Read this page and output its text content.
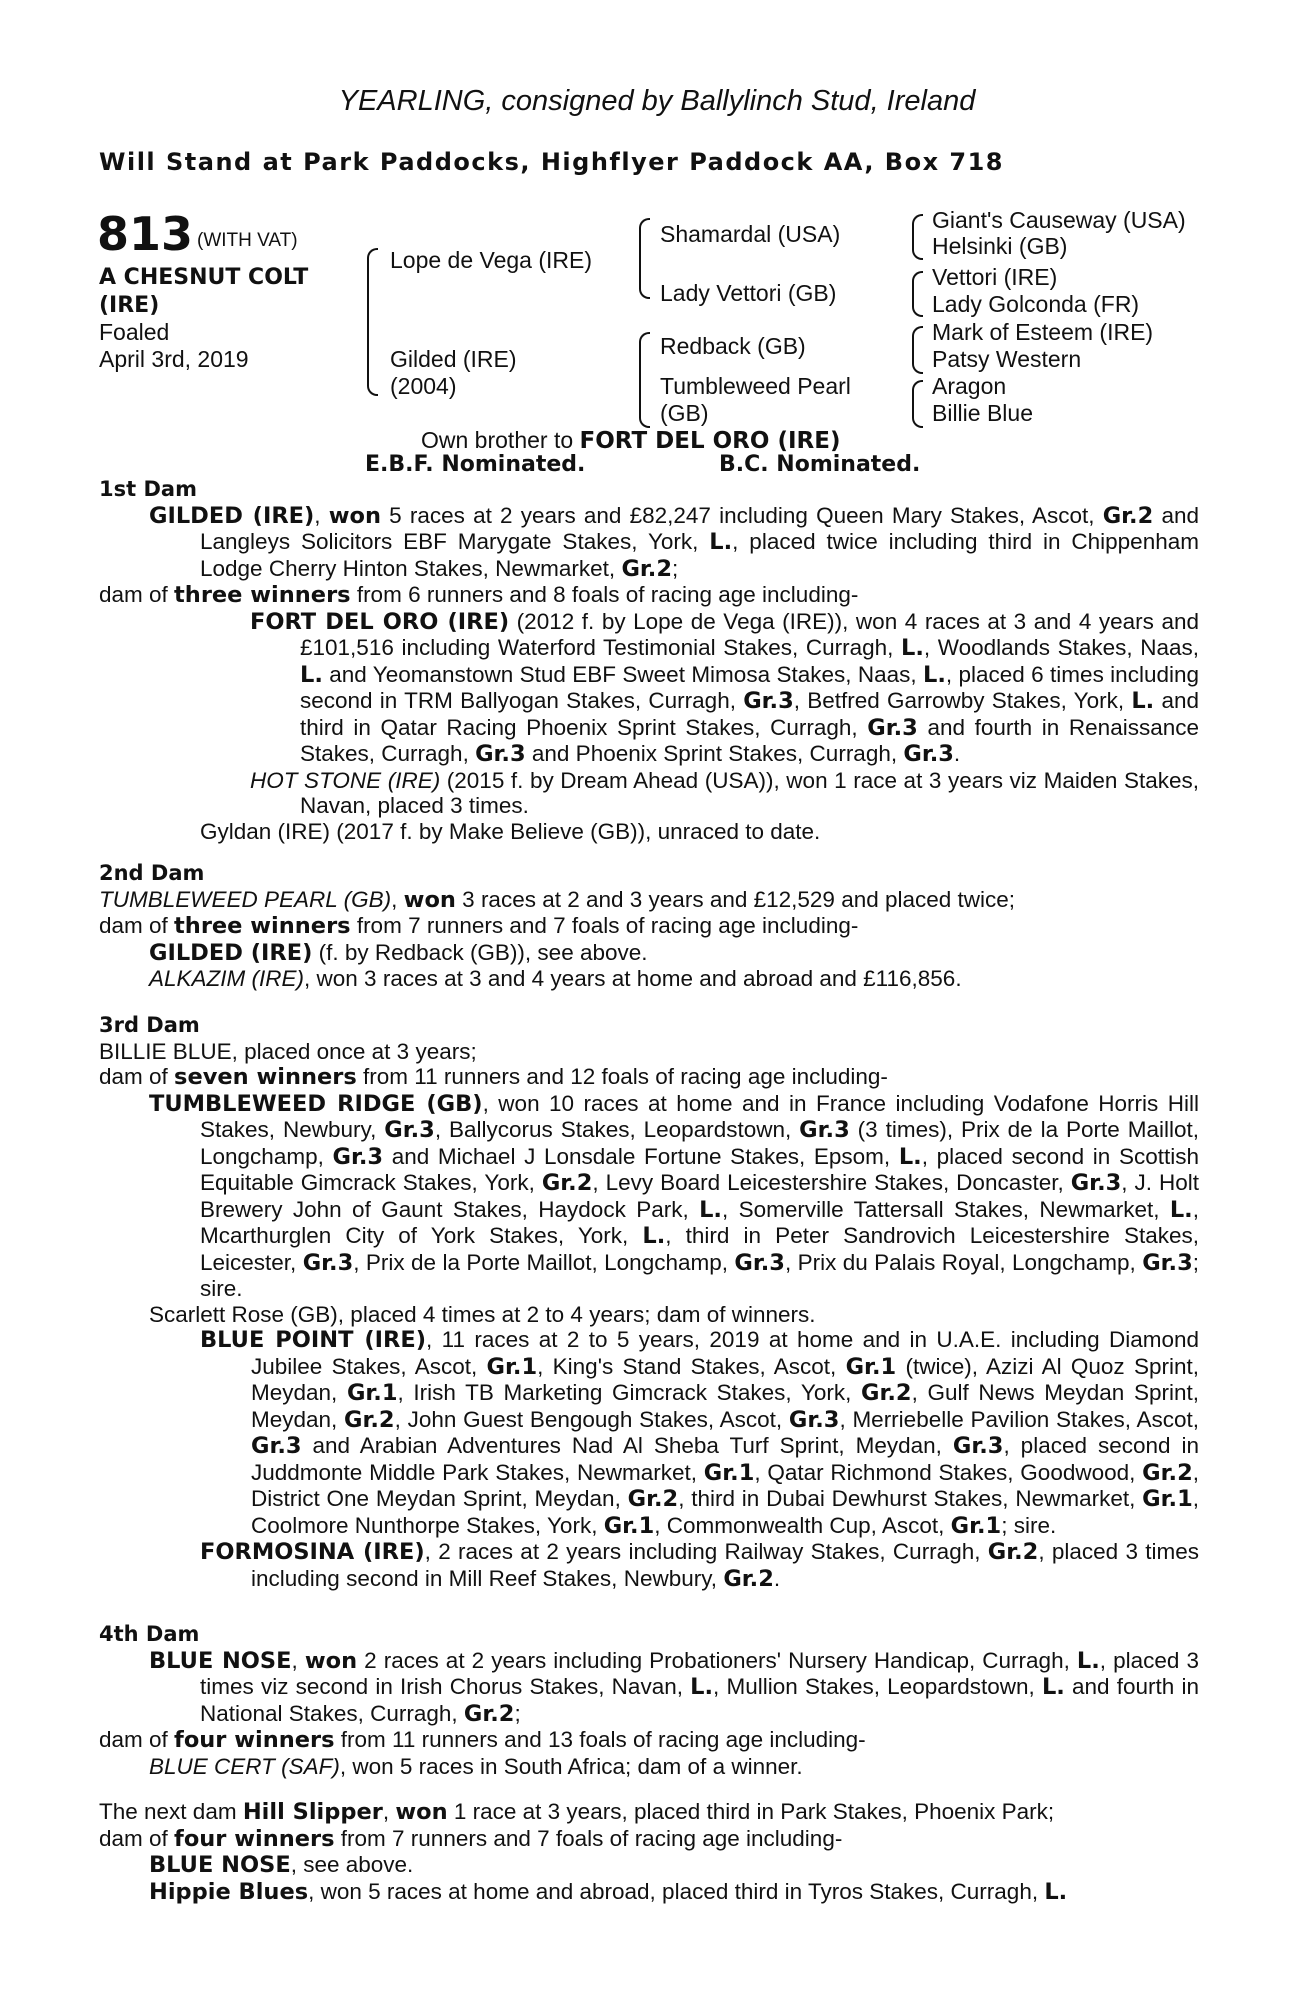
YEARLING, consigned by Ballylinch Stud, Ireland
Will Stand at Park Paddocks, Highflyer Paddock AA, Box 718
813 (WITH VAT)
A CHESNUT COLT
(IRE)
Foaled
April 3rd, 2019
Lope de Vega (IRE)
Gilded (IRE)
(2004)
Shamardal (USA)
Lady Vettori (GB)
Redback (GB)
Tumbleweed Pearl
(GB)
Giant's Causeway (USA)
Helsinki (GB)
Vettori (IRE)
Lady Golconda (FR)
Mark of Esteem (IRE)
Patsy Western
Aragon
Billie Blue
Own brother to FORT DEL ORO (IRE)
E.B.F. Nominated.	B.C. Nominated.

1st Dam

GILDED (IRE), won 5 races at 2 years and £82,247 including Queen Mary Stakes, Ascot, Gr.2 and Langleys Solicitors EBF Marygate Stakes, York, L., placed twice including third in Chippenham Lodge Cherry Hinton Stakes, Newmarket, Gr.2;

dam of three winners from 6 runners and 8 foals of racing age including-

FORT DEL ORO (IRE) (2012 f. by Lope de Vega (IRE)), won 4 races at 3 and 4 years and £101,516 including Waterford Testimonial Stakes, Curragh, L., Woodlands Stakes, Naas, L. and Yeomanstown Stud EBF Sweet Mimosa Stakes, Naas, L., placed 6 times including second in TRM Ballyogan Stakes, Curragh, Gr.3, Betfred Garrowby Stakes, York, L. and third in Qatar Racing Phoenix Sprint Stakes, Curragh, Gr.3 and fourth in Renaissance Stakes, Curragh, Gr.3 and Phoenix Sprint Stakes, Curragh, Gr.3.

HOT STONE (IRE) (2015 f. by Dream Ahead (USA)), won 1 race at 3 years viz Maiden Stakes, Navan, placed 3 times.

Gyldan (IRE) (2017 f. by Make Believe (GB)), unraced to date.

2nd Dam

TUMBLEWEED PEARL (GB), won 3 races at 2 and 3 years and £12,529 and placed twice;

dam of three winners from 7 runners and 7 foals of racing age including-

GILDED (IRE) (f. by Redback (GB)), see above.

ALKAZIM (IRE), won 3 races at 3 and 4 years at home and abroad and £116,856.

3rd Dam

BILLIE BLUE, placed once at 3 years;

dam of seven winners from 11 runners and 12 foals of racing age including-

TUMBLEWEED RIDGE (GB), won 10 races at home and in France including Vodafone Horris Hill Stakes, Newbury, Gr.3, Ballycorus Stakes, Leopardstown, Gr.3 (3 times), Prix de la Porte Maillot, Longchamp, Gr.3 and Michael J Lonsdale Fortune Stakes, Epsom, L., placed second in Scottish Equitable Gimcrack Stakes, York, Gr.2, Levy Board Leicestershire Stakes, Doncaster, Gr.3, J. Holt Brewery John of Gaunt Stakes, Haydock Park, L., Somerville Tattersall Stakes, Newmarket, L., Mcarthurglen City of York Stakes, York, L., third in Peter Sandrovich Leicestershire Stakes, Leicester, Gr.3, Prix de la Porte Maillot, Longchamp, Gr.3, Prix du Palais Royal, Longchamp, Gr.3; sire.

Scarlett Rose (GB), placed 4 times at 2 to 4 years; dam of winners.

BLUE POINT (IRE), 11 races at 2 to 5 years, 2019 at home and in U.A.E. including Diamond Jubilee Stakes, Ascot, Gr.1, King's Stand Stakes, Ascot, Gr.1 (twice), Azizi Al Quoz Sprint, Meydan, Gr.1, Irish TB Marketing Gimcrack Stakes, York, Gr.2, Gulf News Meydan Sprint, Meydan, Gr.2, John Guest Bengough Stakes, Ascot, Gr.3, Merriebelle Pavilion Stakes, Ascot, Gr.3 and Arabian Adventures Nad Al Sheba Turf Sprint, Meydan, Gr.3, placed second in Juddmonte Middle Park Stakes, Newmarket, Gr.1, Qatar Richmond Stakes, Goodwood, Gr.2, District One Meydan Sprint, Meydan, Gr.2, third in Dubai Dewhurst Stakes, Newmarket, Gr.1, Coolmore Nunthorpe Stakes, York, Gr.1, Commonwealth Cup, Ascot, Gr.1; sire.

FORMOSINA (IRE), 2 races at 2 years including Railway Stakes, Curragh, Gr.2, placed 3 times including second in Mill Reef Stakes, Newbury, Gr.2.

4th Dam

BLUE NOSE, won 2 races at 2 years including Probationers' Nursery Handicap, Curragh, L., placed 3 times viz second in Irish Chorus Stakes, Navan, L., Mullion Stakes, Leopardstown, L. and fourth in National Stakes, Curragh, Gr.2;

dam of four winners from 11 runners and 13 foals of racing age including-

BLUE CERT (SAF), won 5 races in South Africa; dam of a winner.

The next dam Hill Slipper, won 1 race at 3 years, placed third in Park Stakes, Phoenix Park;

dam of four winners from 7 runners and 7 foals of racing age including-

BLUE NOSE, see above.

Hippie Blues, won 5 races at home and abroad, placed third in Tyros Stakes, Curragh, L.
